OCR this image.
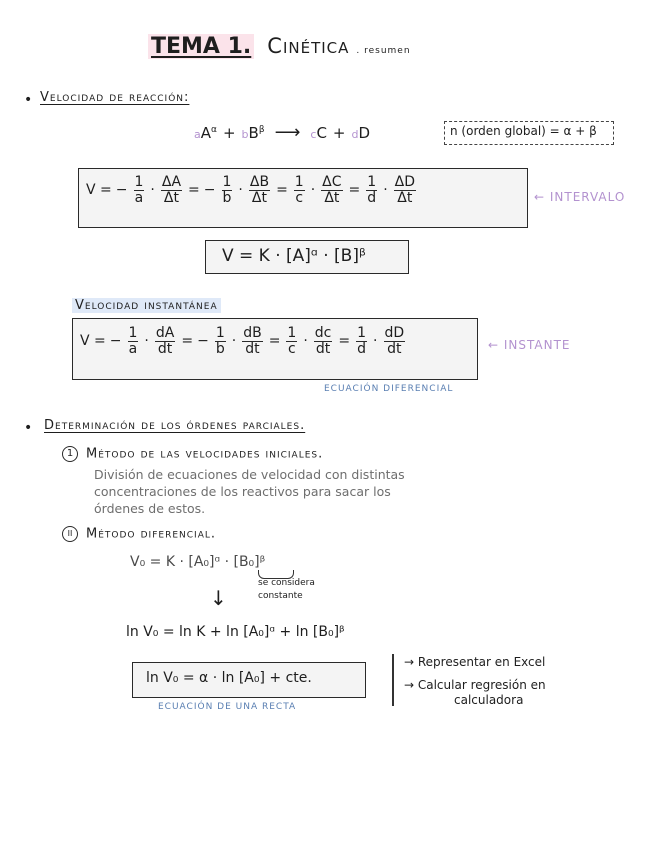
TEMA 1. Cinética . resumen
• Velocidad de reacción:
$aA^\alpha + bB^\beta$ ⟶ cC + dD	n (orden global) = α + β
V = − $\frac{1}{a} \cdot \frac{\Delta A}{\Delta t}$ = − $\frac{1}{b} \cdot \frac{\Delta B}{\Delta t} = \frac{1}{c} \cdot \frac{\Delta C}{\Delta t} = \frac{1}{d} \cdot \frac{\Delta D}{\Delta t}$	← INTERVALO
V = K · [A]ᵅ · [B]ᵝ
Velocidad instantánea
V = − $\frac{1}{a} \cdot \frac{dA}{dt}$ = − $\frac{1}{b} \cdot \frac{dB}{dt} = \frac{1}{c} \cdot \frac{dc}{dt} = \frac{1}{d} \cdot \frac{dD}{dt}$	← INSTANTE
ECUACIÓN DIFERENCIAL
• Determinación de los órdenes parciales.
1 Método de las velocidades iniciales.
División de ecuaciones de velocidad con distintas
concentraciones de los reactivos para sacar los
órdenes de estos.
II Método diferencial.
V₀ = K · [A₀]ᵅ · [B₀]ᵝ
se considera
constante
↓
ln V₀ = ln K + ln [A₀]ᵅ + ln [B₀]ᵝ
ln V₀ = α · ln [A₀] + cte.
ECUACIÓN DE UNA RECTA
→ Representar en Excel
→ Calcular regresión en
calculadora
